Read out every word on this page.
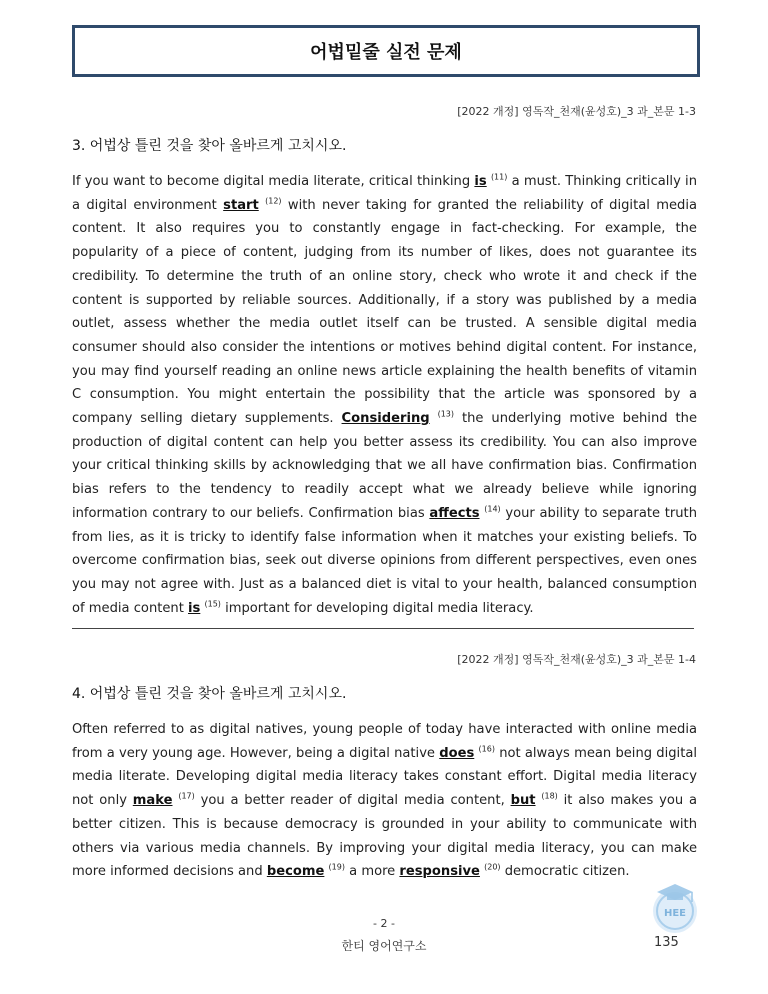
어법밑줄 실전 문제
[2022 개정] 영독작_천재(윤성호)_3 과_본문 1-3
3. 어법상 틀린 것을 찾아 올바르게 고치시오.
If you want to become digital media literate, critical thinking is $^{(11)}$ a must. Thinking critically in a digital environment start $^{(12)}$ with never taking for granted the reliability of digital media content. It also requires you to constantly engage in fact-checking. For example, the popularity of a piece of content, judging from its number of likes, does not guarantee its credibility. To determine the truth of an online story, check who wrote it and check if the content is supported by reliable sources. Additionally, if a story was published by a media outlet, assess whether the media outlet itself can be trusted. A sensible digital media consumer should also consider the intentions or motives behind digital content. For instance, you may find yourself reading an online news article explaining the health benefits of vitamin C consumption. You might entertain the possibility that the article was sponsored by a company selling dietary supplements. Considering $^{(13)}$ the underlying motive behind the production of digital content can help you better assess its credibility. You can also improve your critical thinking skills by acknowledging that we all have confirmation bias. Confirmation bias refers to the tendency to readily accept what we already believe while ignoring information contrary to our beliefs. Confirmation bias affects $^{(14)}$ your ability to separate truth from lies, as it is tricky to identify false information when it matches your existing beliefs. To overcome confirmation bias, seek out diverse opinions from different perspectives, even ones you may not agree with. Just as a balanced diet is vital to your health, balanced consumption of media content is $^{(15)}$ important for developing digital media literacy.
[2022 개정] 영독작_천재(윤성호)_3 과_본문 1-4
4. 어법상 틀린 것을 찾아 올바르게 고치시오.
Often referred to as digital natives, young people of today have interacted with online media from a very young age. However, being a digital native does $^{(16)}$ not always mean being digital media literate. Developing digital media literacy takes constant effort. Digital media literacy not only make $^{(17)}$ you a better reader of digital media content, but $^{(18)}$ it also makes you a better citizen. This is because democracy is grounded in your ability to communicate with others via various media channels. By improving your digital media literacy, you can make more informed decisions and become $^{(19)}$ a more responsive $^{(20)}$ democratic citizen.
- 2 -
한티 영어연구소
HEE
135
